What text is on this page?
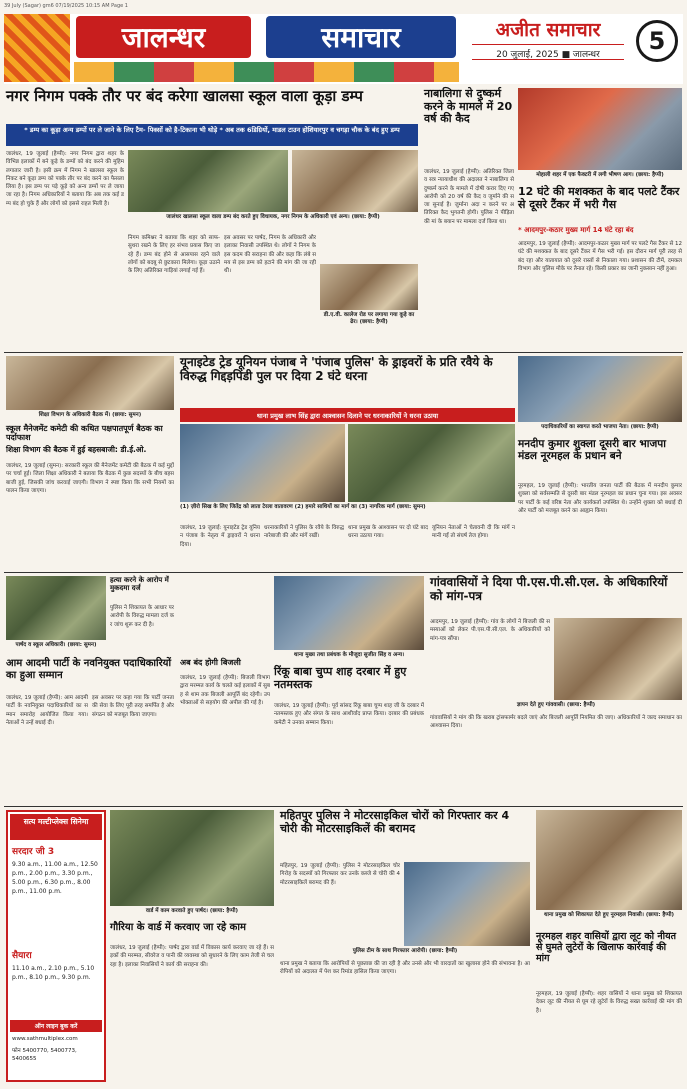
39 July (Sagar) gm6 07/19/2025 10:15 AM Page 1
जालन्धर	समाचार	अजीत समाचार
20 जुलाई, 2025 ■ जालन्धर	5
नगर निगम पक्के तौर पर बंद करेगा खालसा स्कूल वाला कूड़ा डम्प
* डम्प का कूड़ा अन्य डम्पों पर ले जाने के लिए टैम- पिक्सों को है-टिकाना भी थोड़े * अब तक 6डिग्रियों, माडल टाउन होशियारपुर व चगड़ा चौक के बंद हुए डम्प
जालंधर, 19 जुलाई (हैप्पी): नगर निगम द्वारा शहर के विभिन्न इलाकों में बने कूड़े के डम्पों को बंद करने की मुहिम लगातार जारी है। इसी क्रम में निगम ने खालसा स्कूल के निकट बने कूड़ा डम्प को पक्के तौर पर बंद करने का फैसला लिया है। इस डम्प पर पड़े कूड़े को अन्य डम्पों पर ले जाया जा रहा है। निगम अधिकारियों ने बताया कि अब तक कई डम्प बंद हो चुके हैं और लोगों को इससे राहत मिली है।
जालंधर खालसा स्कूल वाला डम्प बंद करते हुए विधायक, नगर निगम के अधिकारी एवं अन्य। (छाया: हैप्पी)
निगम कमिश्नर ने बताया कि शहर को साफ-सुथरा रखने के लिए हर संभव प्रयास किए जा रहे हैं। डम्प बंद होने से आसपास रहने वाले लोगों को बदबू से छुटकारा मिलेगा। कूड़ा उठाने के लिए अतिरिक्त गाड़ियां लगाई गई हैं।
इस अवसर पर पार्षद, निगम के अधिकारी और इलाका निवासी उपस्थित थे। लोगों ने निगम के इस कदम की सराहना की और कहा कि लंबे समय से इस डम्प को हटाने की मांग की जा रही थी।
डी.ए.वी. कालेज रोड पर लगाया गया कूड़े का ढेर। (छाया: हैप्पी)
नाबालिगा से दुष्कर्म करने के मामले में 20 वर्ष की कैद
जालंधर, 19 जुलाई (हैप्पी): अतिरिक्त जिला व सत्र न्यायाधीश की अदालत ने नाबालिगा से दुष्कर्म करने के मामले में दोषी करार दिए गए आरोपी को 20 वर्ष की कैद व जुर्माने की सजा सुनाई है। जुर्माना अदा न करने पर अतिरिक्त कैद भुगतनी होगी। पुलिस ने पीड़िता की मां के बयान पर मामला दर्ज किया था।
मोहाली शहर में एक फैक्टरी में लगी भीषण आग। (छाया: हैप्पी)
12 घंटे की मशक्कत के बाद पलटे टैंकर से दूसरे टैंकर में भरी गैस
* आदमपुर-कठार मुख्य मार्ग 14 घंटे रहा बंद
आदमपुर, 19 जुलाई (हैप्पी): आदमपुर-कठार मुख्य मार्ग पर पलटे गैस टैंकर से 12 घंटे की मशक्कत के बाद दूसरे टैंकर में गैस भरी गई। इस दौरान मार्ग पूरी तरह से बंद रहा और यातायात को दूसरे रास्तों से निकाला गया। प्रशासन की टीमें, दमकल विभाग और पुलिस मौके पर तैनात रहे। किसी प्रकार का जानी नुकसान नहीं हुआ।
यूनाइटेड ट्रेड यूनियन पंजाब ने 'पंजाब पुलिस' के ड्राइवरों के प्रति रवैये के विरुद्ध गिद्दड़पिंडी पुल पर दिया 2 घंटे धरना
थाना प्रमुख लाभ सिंह द्वारा आश्वासन दिलाने पर धरनाकारियों ने धरना उठाया
(1) ज़ीरो सिख के लिए जितेंद्र को लाता टेरला वातावरण (2) हमारे साथियों का मार्ग का (3) नागरिक मार्ग (छाया: सुमन)
जालंधर, 19 जुलाई: यूनाइटेड ट्रेड यूनियन पंजाब के नेतृत्व में ड्राइवरों ने धरना दिया।
धरनाकारियों ने पुलिस के रवैये के विरुद्ध नारेबाजी की और मांगें रखीं।
थाना प्रमुख के आश्वासन पर दो घंटे बाद धरना उठाया गया।
यूनियन नेताओं ने चेतावनी दी कि मांगें न मानी गईं तो संघर्ष तेज होगा।
शिक्षा विभाग के अधिकारी बैठक में। (छाया: सुमन)
स्कूल मैनेजमेंट कमेटी की कथित पक्षपातपूर्ण बैठक का पर्दाफाश
शिक्षा विभाग की बैठक में हुई बहसबाजी: डी.ई.ओ.
जालंधर, 19 जुलाई (सुमन): सरकारी स्कूल की मैनेजमेंट कमेटी की बैठक में कई मुद्दों पर चर्चा हुई। जिला शिक्षा अधिकारी ने बताया कि बैठक में कुछ सदस्यों के बीच बहसबाजी हुई, जिसकी जांच करवाई जाएगी। विभाग ने स्पष्ट किया कि सभी नियमों का पालन किया जाएगा।
पदाधिकारियों का स्वागत करते भाजपा नेता। (छाया: हैप्पी)
मनदीप कुमार शुक्ला दूसरी बार भाजपा मंडल नूरमहल के प्रधान बने
नूरमहल, 19 जुलाई (हैप्पी): भारतीय जनता पार्टी की बैठक में मनदीप कुमार शुक्ला को सर्वसम्मति से दूसरी बार मंडल नूरमहल का प्रधान चुना गया। इस अवसर पर पार्टी के कई वरिष्ठ नेता और कार्यकर्ता उपस्थित थे। उन्होंने शुक्ला को बधाई दी और पार्टी को मजबूत करने का आह्वान किया।
पार्षद व स्कूल अधिकारी। (छाया: सुमन)
हत्या करने के आरोप में मुकदमा दर्ज
पुलिस ने शिकायत के आधार पर आरोपी के विरुद्ध मामला दर्ज कर जांच शुरू कर दी है।
आम आदमी पार्टी के नवनियुक्त पदाधिकारियों का हुआ सम्मान
जालंधर, 19 जुलाई (हैप्पी): आम आदमी पार्टी के नवनियुक्त पदाधिकारियों का सम्मान समारोह आयोजित किया गया। नेताओं ने उन्हें बधाई दी।
इस अवसर पर कहा गया कि पार्टी जनता की सेवा के लिए पूरी तरह समर्पित है और संगठन को मजबूत किया जाएगा।
अब बंद होगी बिजली
जालंधर, 19 जुलाई (हैप्पी): बिजली विभाग द्वारा मरम्मत कार्य के चलते कई इलाकों में सुबह से शाम तक बिजली आपूर्ति बंद रहेगी। उपभोक्ताओं से सहयोग की अपील की गई है।
थाना मुख्य तथा प्रबंधक के मौजूदा सुजीत सिंह व अन्य।
रिंकू बाबा चुप्प शाह दरबार में हुए नतमस्तक
जालंधर, 19 जुलाई (हैप्पी): पूर्व सांसद रिंकू बाबा चुप्प शाह जी के दरबार में नतमस्तक हुए और संगत के साथ आशीर्वाद प्राप्त किया। दरबार की प्रबंधक कमेटी ने उनका सम्मान किया।
गांववासियों ने दिया पी.एस.पी.सी.एल. के अधिकारियों को मांग-पत्र
आदमपुर, 19 जुलाई (हैप्पी): गांव के लोगों ने बिजली की समस्याओं को लेकर पी.एस.पी.सी.एल. के अधिकारियों को मांग-पत्र सौंपा।
ज्ञापन देते हुए गांववासी। (छाया: हैप्पी)
गांववासियों ने मांग की कि खराब ट्रांसफार्मर बदले जाएं और बिजली आपूर्ति नियमित की जाए। अधिकारियों ने जल्द समाधान का आश्वासन दिया।
सत्य मल्टीप्लेक्स सिनेमा
सरदार जी 3
9.30 a.m., 11.00 a.m., 12.50 p.m., 2.00 p.m., 3.30 p.m., 5.00 p.m., 6.30 p.m., 8.00 p.m., 11.00 p.m.
सैयारा
11.10 a.m., 2.10 p.m., 5.10 p.m., 8.10 p.m., 9.30 p.m.
ऑन लाइन बुक करें
www.sathmultiplex.com
फोन 5400770, 5400773, 5400655
वार्ड में काम करवाते हुए पार्षद। (छाया: हैप्पी)
गौरिया के वार्ड में करवाए जा रहे काम
जालंधर, 19 जुलाई (हैप्पी): पार्षद द्वारा वार्ड में विकास कार्य करवाए जा रहे हैं। सड़कों की मरम्मत, सीवरेज व पानी की व्यवस्था को सुधारने के लिए काम तेजी से चल रहा है। इलाका निवासियों ने कार्य की सराहना की।
महितपुर पुलिस ने मोटरसाइकिल चोरों को गिरफ्तार कर 4 चोरी की मोटरसाइकिलें की बरामद
महितपुर, 19 जुलाई (हैप्पी): पुलिस ने मोटरसाइकिल चोर गिरोह के सदस्यों को गिरफ्तार कर उनके कब्जे से चोरी की 4 मोटरसाइकिलें बरामद की हैं।
पुलिस टीम के साथ गिरफ्तार आरोपी। (छाया: हैप्पी)
थाना प्रमुख ने बताया कि आरोपियों से पूछताछ की जा रही है और उनसे और भी वारदातों का खुलासा होने की संभावना है। आरोपियों को अदालत में पेश कर रिमांड हासिल किया जाएगा।
थाना प्रमुख को शिकायत देते हुए नूरमहल निवासी। (छाया: हैप्पी)
नूरमहल शहर वासियों द्वारा लूट को नीयत से घुमते लुटेरों के खिलाफ कार्रवाई की मांग
नूरमहल, 19 जुलाई (हैप्पी): शहर वासियों ने थाना प्रमुख को शिकायत देकर लूट की नीयत से घूम रहे लुटेरों के विरुद्ध सख्त कार्रवाई की मांग की है।
